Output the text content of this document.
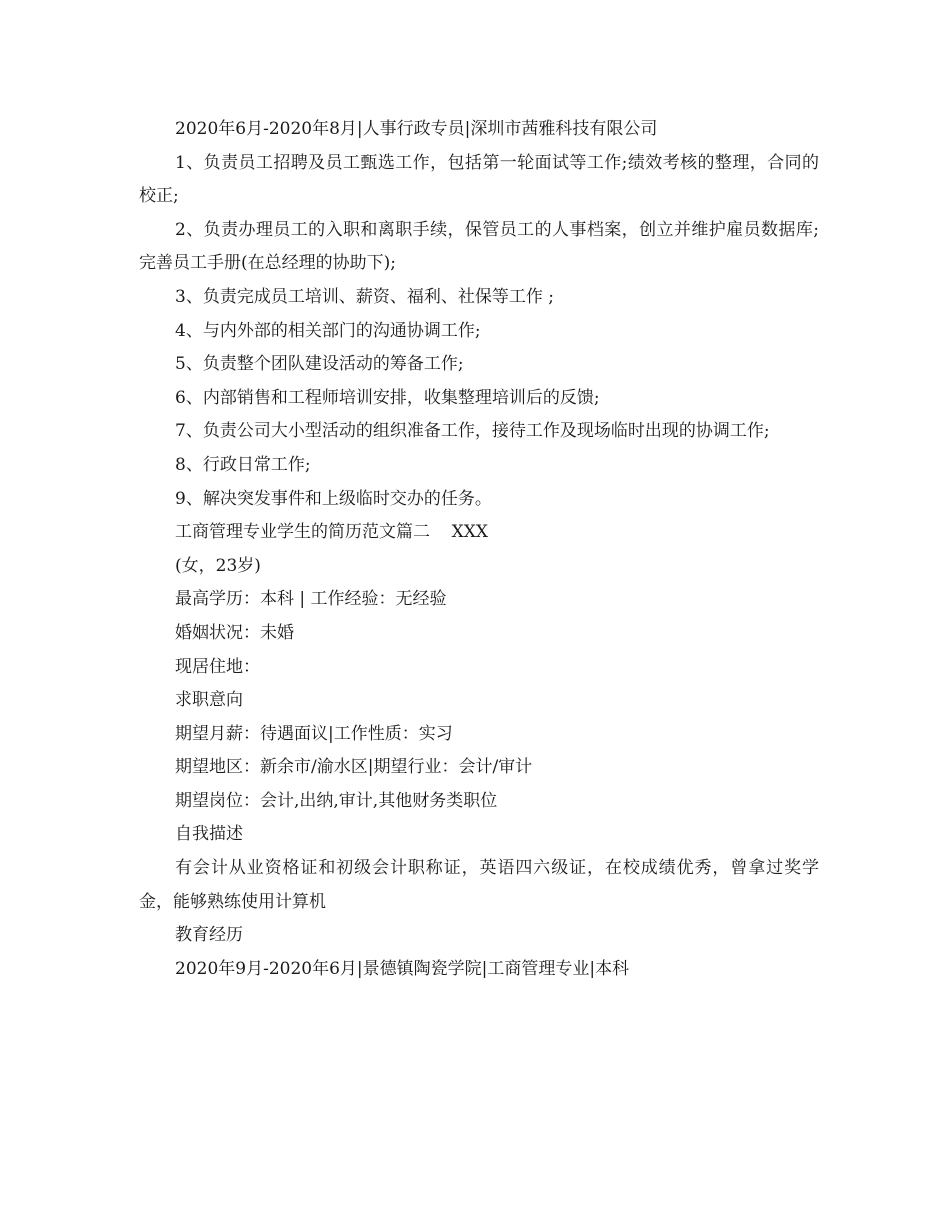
2020年6月-2020年8月|人事行政专员|深圳市茜雅科技有限公司

1、负责员工招聘及员工甄选工作，包括第一轮面试等工作;绩效考核的整理，合同的校正;

2、负责办理员工的入职和离职手续，保管员工的人事档案，创立并维护雇员数据库;完善员工手册(在总经理的协助下);

3、负责完成员工培训、薪资、福利、社保等工作 ;

4、与内外部的相关部门的沟通协调工作;

5、负责整个团队建设活动的筹备工作;

6、内部销售和工程师培训安排，收集整理培训后的反馈;

7、负责公司大小型活动的组织准备工作，接待工作及现场临时出现的协调工作;

8、行政日常工作;

9、解决突发事件和上级临时交办的任务。

工商管理专业学生的简历范文篇二    XXX

(女，23岁)

最高学历：本科 | 工作经验：无经验

婚姻状况：未婚

现居住地：

求职意向

期望月薪：待遇面议|工作性质：实习

期望地区：新余市/渝水区|期望行业：会计/审计

期望岗位：会计,出纳,审计,其他财务类职位

自我描述

有会计从业资格证和初级会计职称证，英语四六级证，在校成绩优秀，曾拿过奖学金，能够熟练使用计算机

教育经历

2020年9月-2020年6月|景德镇陶瓷学院|工商管理专业|本科
